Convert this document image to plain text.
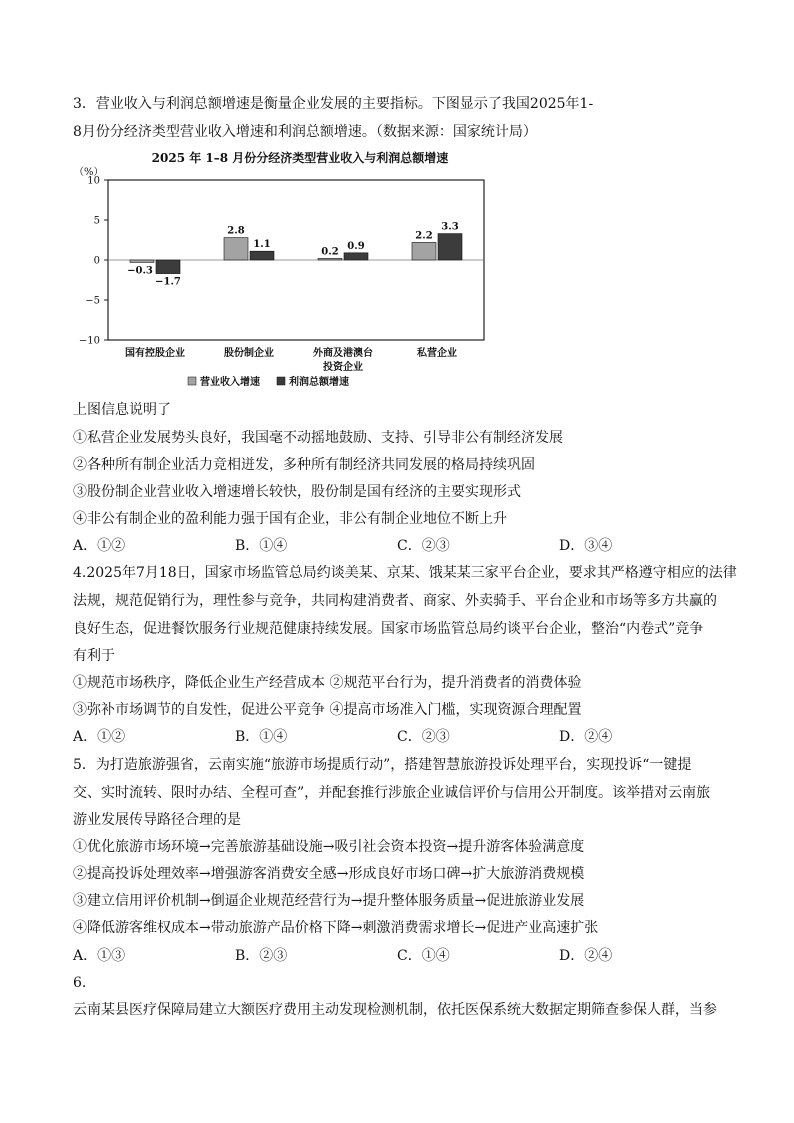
3．营业收入与利润总额增速是衡量企业发展的主要指标。下图显示了我国2025年1-
8月份分经济类型营业收入增速和利润总额增速。（数据来源：国家统计局）
2025 年 1–8 月份分经济类型营业收入与利润总额增速
（%）
10
5
0
−5
−10
−0.3
−1.7
2.8
1.1
0.2
0.9
2.2
3.3
国有控股企业	股份制企业	外商及港澳台
投资企业
私营企业
营业收入增速	利润总额增速
上图信息说明了
①私营企业发展势头良好，我国毫不动摇地鼓励、支持、引导非公有制经济发展
②各种所有制企业活力竞相迸发，多种所有制经济共同发展的格局持续巩固
③股份制企业营业收入增速增长较快，股份制是国有经济的主要实现形式
④非公有制企业的盈利能力强于国有企业，非公有制企业地位不断上升
A．①②	B．①④	C．②③	D．③④
4.2025年7月18日，国家市场监管总局约谈美某、京某、饿某某三家平台企业，要求其严格遵守相应的法律
法规，规范促销行为，理性参与竞争，共同构建消费者、商家、外卖骑手、平台企业和市场等多方共赢的
良好生态，促进餐饮服务行业规范健康持续发展。国家市场监管总局约谈平台企业，整治“内卷式”竞争
有利于
①规范市场秩序，降低企业生产经营成本 ②规范平台行为，提升消费者的消费体验
③弥补市场调节的自发性，促进公平竞争 ④提高市场准入门槛，实现资源合理配置
A．①②	B．①④	C．②③	D．②④
5．为打造旅游强省，云南实施“旅游市场提质行动”，搭建智慧旅游投诉处理平台，实现投诉“一键提
交、实时流转、限时办结、全程可查”，并配套推行涉旅企业诚信评价与信用公开制度。该举措对云南旅
游业发展传导路径合理的是
①优化旅游市场环境→完善旅游基础设施→吸引社会资本投资→提升游客体验满意度
②提高投诉处理效率→增强游客消费安全感→形成良好市场口碑→扩大旅游消费规模
③建立信用评价机制→倒逼企业规范经营行为→提升整体服务质量→促进旅游业发展
④降低游客维权成本→带动旅游产品价格下降→刺激消费需求增长→促进产业高速扩张
A．①③	B．②③	C．①④	D．②④
6.
云南某县医疗保障局建立大额医疗费用主动发现检测机制，依托医保系统大数据定期筛查参保人群，当参
